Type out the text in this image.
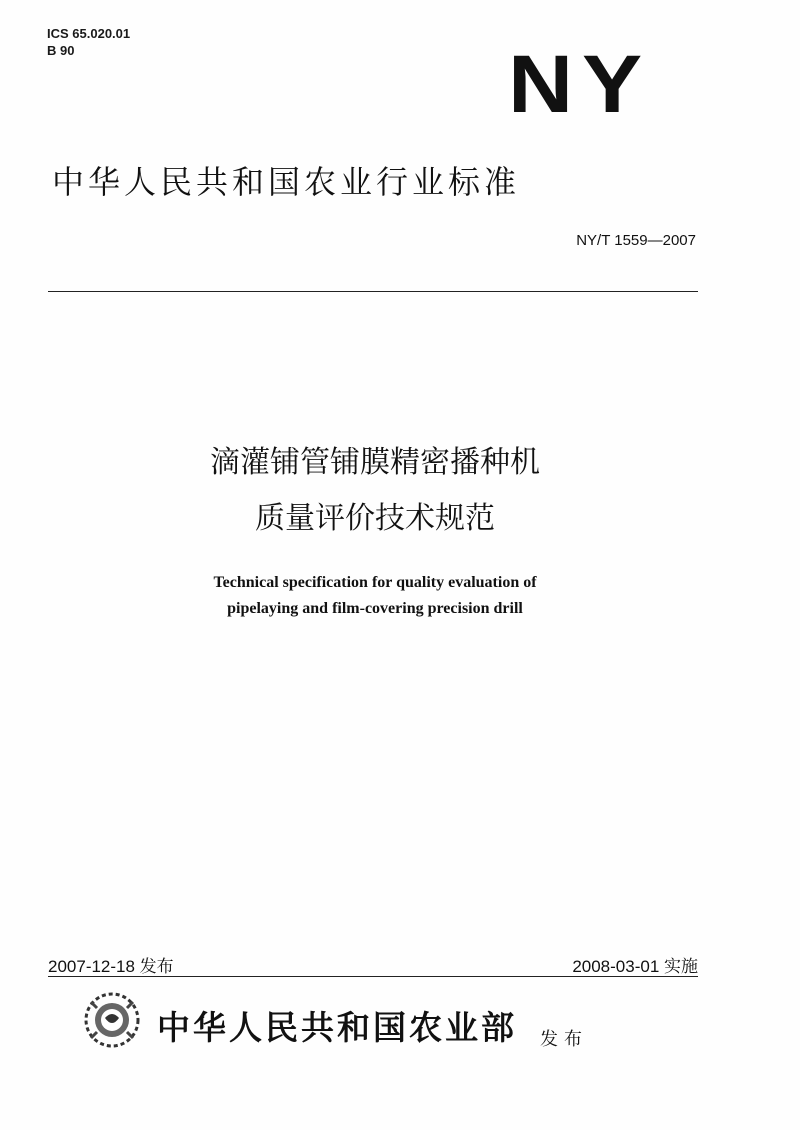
ICS 65.020.01
B 90	NY
中华人民共和国农业行业标准
NY/T 1559—2007
滴灌铺管铺膜精密播种机
质量评价技术规范
Technical specification for quality evaluation of
pipelaying and film-covering precision drill
2007-12-18 发布	2008-03-01 实施
中华人民共和国农业部 发布
